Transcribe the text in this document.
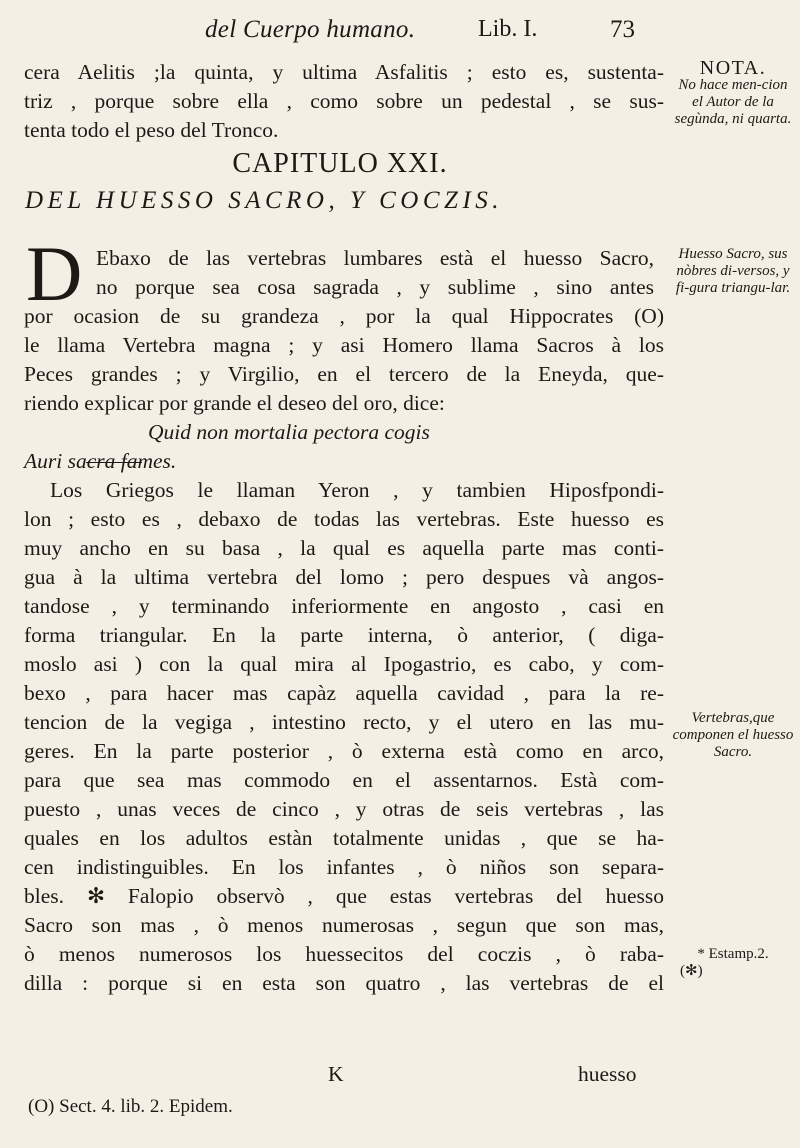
del Cuerpo humano.	Lib. I.	73
cera Aelitis ;la quinta, y ultima Asfalitis ; esto es, sustenta-
triz , porque sobre ella , como sobre un pedestal , se sus-
tenta todo el peso del Tronco.
CAPITULO XXI.
DEL HUESSO SACRO, Y COCZIS.
D Ebaxo de las vertebras lumbares està el huesso Sacro,
no porque sea cosa sagrada , y sublime , sino antes
por ocasion de su grandeza , por la qual Hippocrates (O)
le llama Vertebra magna ; y asi Homero llama Sacros à los
Peces grandes ; y Virgilio, en el tercero de la Eneyda, que-
riendo explicar por grande el deseo del oro, dice:
Quid non mortalia pectora cogis
Auri sacra fames.
Los Griegos le llaman Yeron , y tambien Hiposfpondi-
lon ; esto es , debaxo de todas las vertebras. Este huesso es
muy ancho en su basa , la qual es aquella parte mas conti-
gua à la ultima vertebra del lomo ; pero despues và angos-
tandose , y terminando inferiormente en angosto , casi en
forma triangular. En la parte interna, ò anterior, ( diga-
moslo asi ) con la qual mira al Ipogastrio, es cabo, y com-
bexo , para hacer mas capàz aquella cavidad , para la re-
tencion de la vegiga , intestino recto, y el utero en las mu-
geres. En la parte posterior , ò externa està como en arco,
para que sea mas commodo en el assentarnos. Està com-
puesto , unas veces de cinco , y otras de seis vertebras , las
quales en los adultos estàn totalmente unidas , que se ha-
cen indistinguibles. En los infantes , ò niños son separa-
bles. ✻ Falopio observò , que estas vertebras del huesso
Sacro son mas , ò menos numerosas , segun que son mas,
ò menos numerosos los huessecitos del coczis , ò raba-
dilla : porque si en esta son quatro , las vertebras de el
K	huesso
(O) Sect. 4. lib. 2. Epidem.
NOTA.
No hace men-cion el Autor de la segùnda, ni quarta.
Huesso Sacro, sus nòbres di-versos, y fi-gura triangu-lar.
Vertebras,que componen el huesso Sacro.
* Estamp.2.
(✻)
